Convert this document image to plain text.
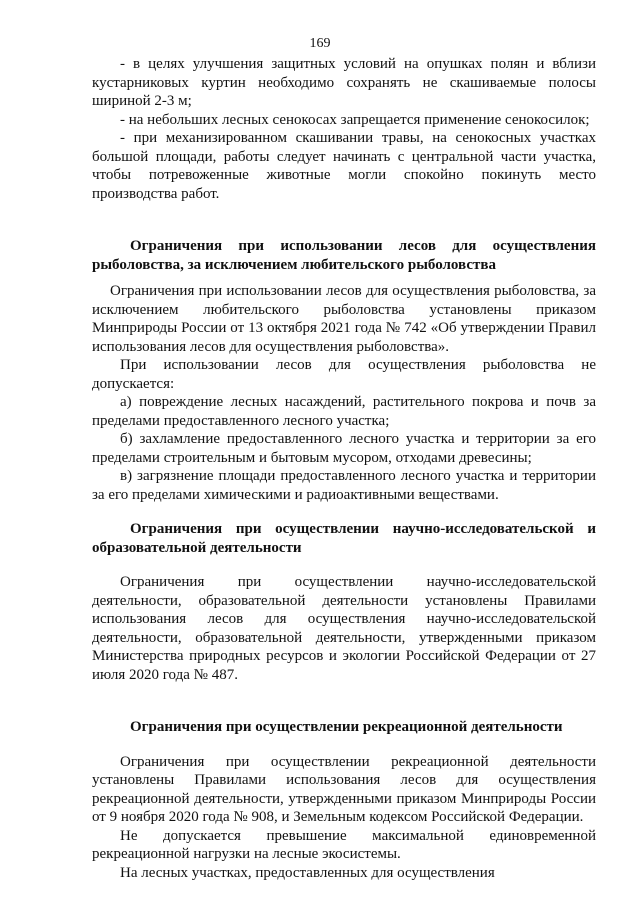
169

- в целях улучшения защитных условий на опушках полян и вблизи кустарниковых куртин необходимо сохранять не скашиваемые полосы шириной 2-3 м;

- на небольших лесных сенокосах запрещается применение сенокосилок;

- при механизированном скашивании травы, на сенокосных участках большой площади, работы следует начинать с центральной части участка, чтобы потревоженные животные могли спокойно покинуть место производства работ.

Ограничения при использовании лесов для осуществления рыболовства, за исключением любительского рыболовства

Ограничения при использовании лесов для осуществления рыболовства, за исключением любительского рыболовства установлены приказом Минприроды России от 13 октября 2021 года № 742 «Об утверждении Правил использования лесов для осуществления рыболовства».

При использовании лесов для осуществления рыболовства не допускается:

а) повреждение лесных насаждений, растительного покрова и почв за пределами предоставленного лесного участка;

б) захламление предоставленного лесного участка и территории за его пределами строительным и бытовым мусором, отходами древесины;

в) загрязнение площади предоставленного лесного участка и территории за его пределами химическими и радиоактивными веществами.

Ограничения при осуществлении научно-исследовательской и образовательной деятельности

Ограничения при осуществлении научно-исследовательской деятельности, образовательной деятельности установлены Правилами использования лесов для осуществления научно-исследовательской деятельности, образовательной деятельности, утвержденными приказом Министерства природных ресурсов и экологии Российской Федерации от 27 июля 2020 года № 487.

Ограничения при осуществлении рекреационной деятельности

Ограничения при осуществлении рекреационной деятельности установлены Правилами использования лесов для осуществления рекреационной деятельности, утвержденными приказом Минприроды России от 9 ноября 2020 года № 908, и Земельным кодексом Российской Федерации.

Не допускается превышение максимальной единовременной рекреационной нагрузки на лесные экосистемы.

На лесных участках, предоставленных для осуществления
